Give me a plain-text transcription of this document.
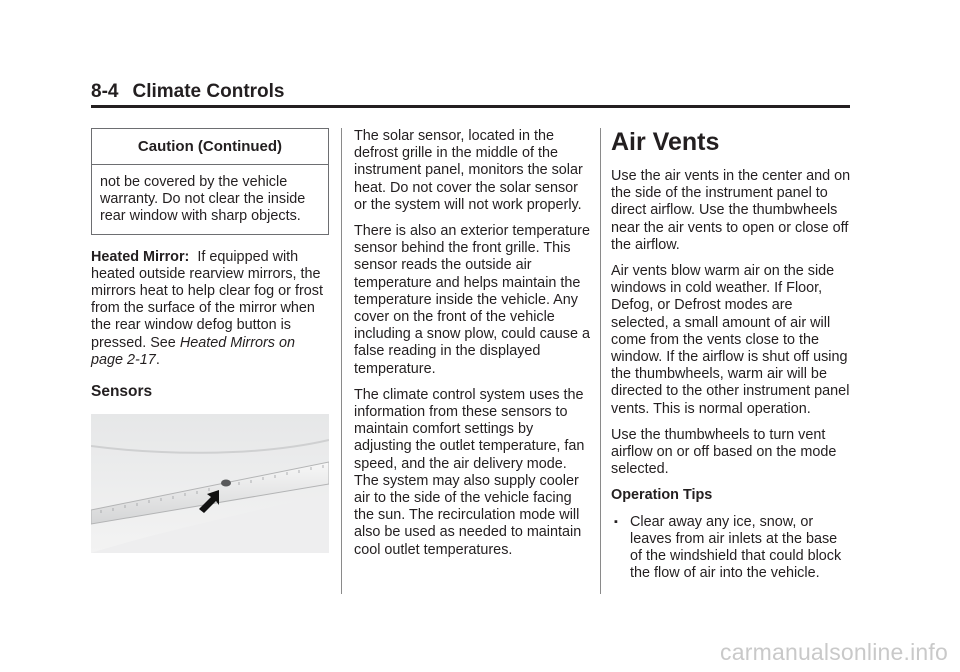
8-4 Climate Controls
Caution (Continued)
not be covered by the vehicle warranty. Do not clear the inside rear window with sharp objects.

Heated Mirror: If equipped with heated outside rearview mirrors, the mirrors heat to help clear fog or frost from the surface of the mirror when the rear window defog button is pressed. See Heated Mirrors on page 2-17.

Sensors

The solar sensor, located in the defrost grille in the middle of the instrument panel, monitors the solar heat. Do not cover the solar sensor or the system will not work properly.

There is also an exterior temperature sensor behind the front grille. This sensor reads the outside air temperature and helps maintain the temperature inside the vehicle. Any cover on the front of the vehicle including a snow plow, could cause a false reading in the displayed temperature.

The climate control system uses the information from these sensors to maintain comfort settings by adjusting the outlet temperature, fan speed, and the air delivery mode. The system may also supply cooler air to the side of the vehicle facing the sun. The recirculation mode will also be used as needed to maintain cool outlet temperatures.

Air Vents

Use the air vents in the center and on the side of the instrument panel to direct airflow. Use the thumbwheels near the air vents to open or close off the airflow.

Air vents blow warm air on the side windows in cold weather. If Floor, Defog, or Defrost modes are selected, a small amount of air will come from the vents close to the window. If the airflow is shut off using the thumbwheels, warm air will be directed to the other instrument panel vents. This is normal operation.

Use the thumbwheels to turn vent airflow on or off based on the mode selected.

Operation Tips

▪ Clear away any ice, snow, or leaves from air inlets at the base of the windshield that could block the flow of air into the vehicle.
carmanualsonline.info
